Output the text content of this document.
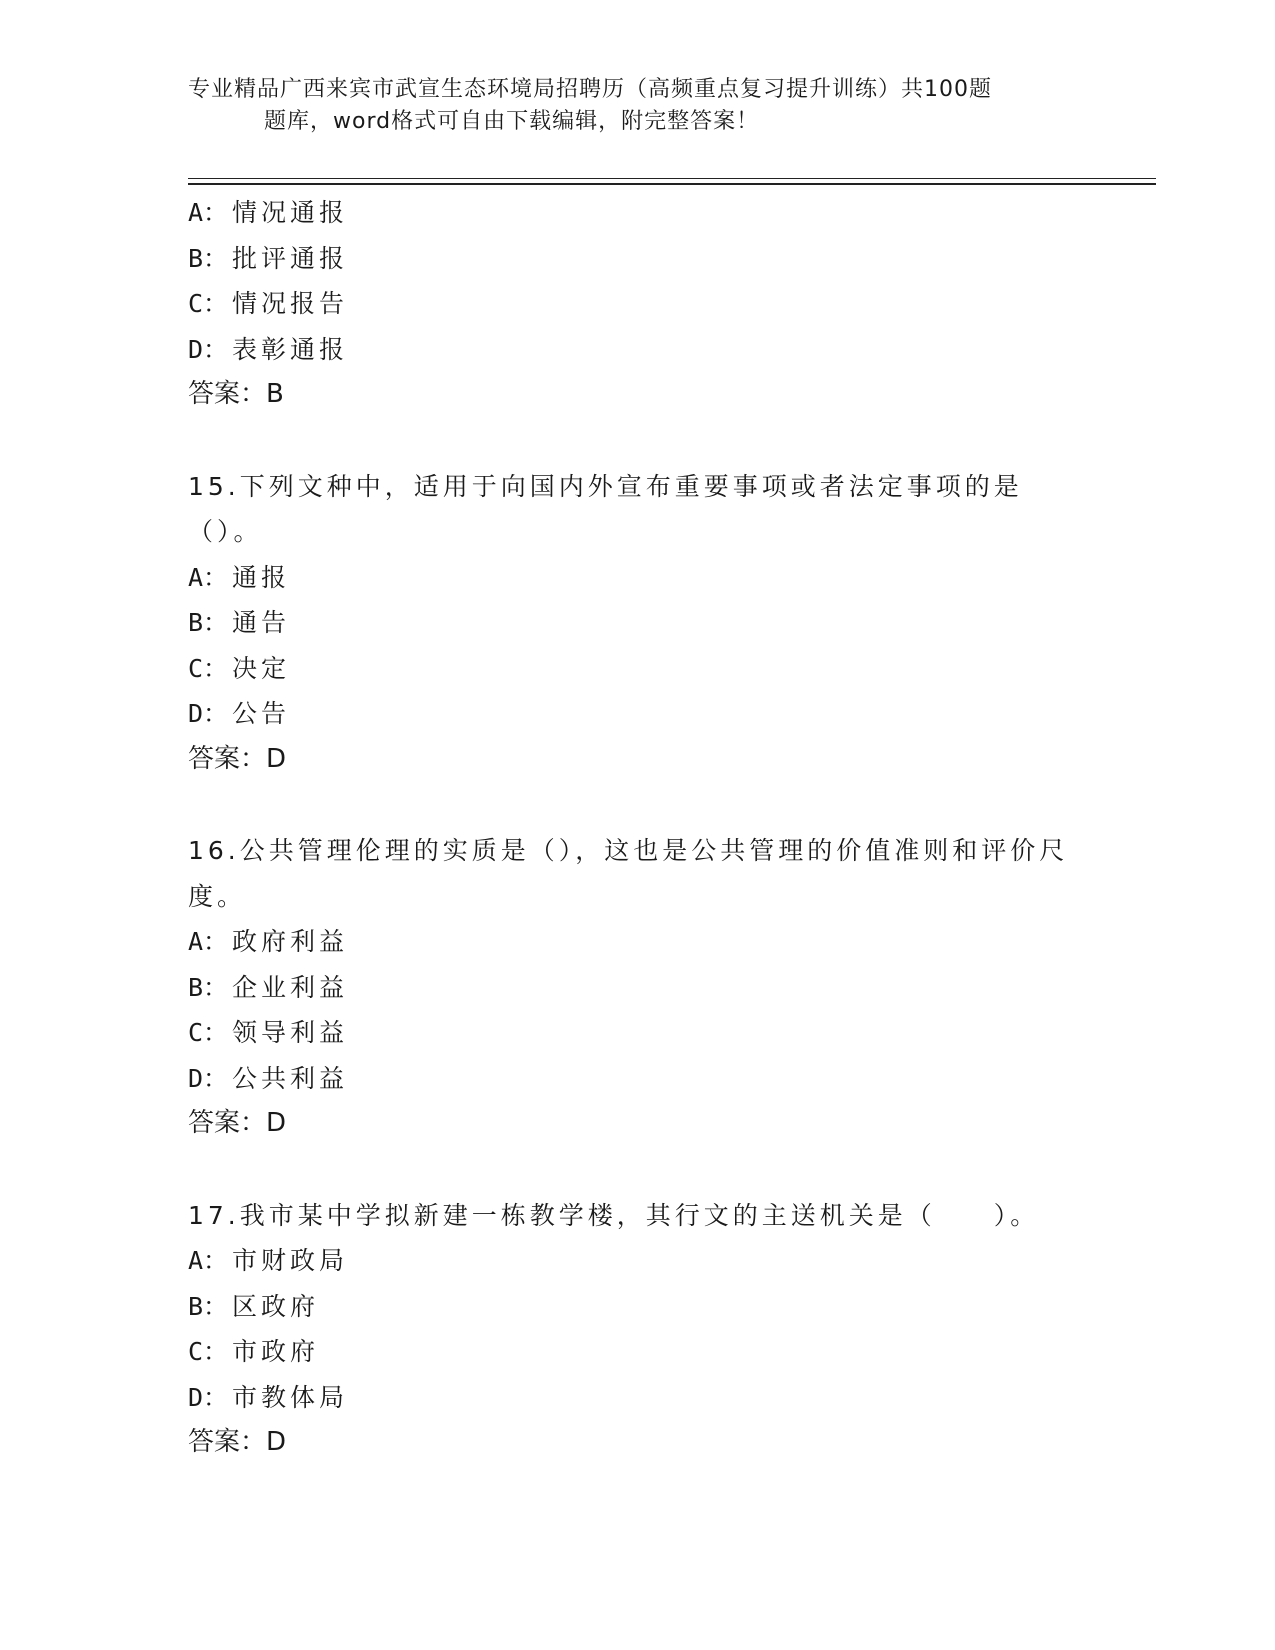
专业精品广西来宾市武宣生态环境局招聘历（高频重点复习提升训练）共100题
题库，word格式可自由下载编辑，附完整答案！
A： 情况通报
B： 批评通报
C： 情况报告
D： 表彰通报
答案：B
15.下列文种中，适用于向国内外宣布重要事项或者法定事项的是（）。
A： 通报
B： 通告
C： 决定
D： 公告
答案：D
16.公共管理伦理的实质是（），这也是公共管理的价值准则和评价尺度。
A： 政府利益
B： 企业利益
C： 领导利益
D： 公共利益
答案：D
17.我市某中学拟新建一栋教学楼，其行文的主送机关是（　　）。
A： 市财政局
B： 区政府
C： 市政府
D： 市教体局
答案：D
